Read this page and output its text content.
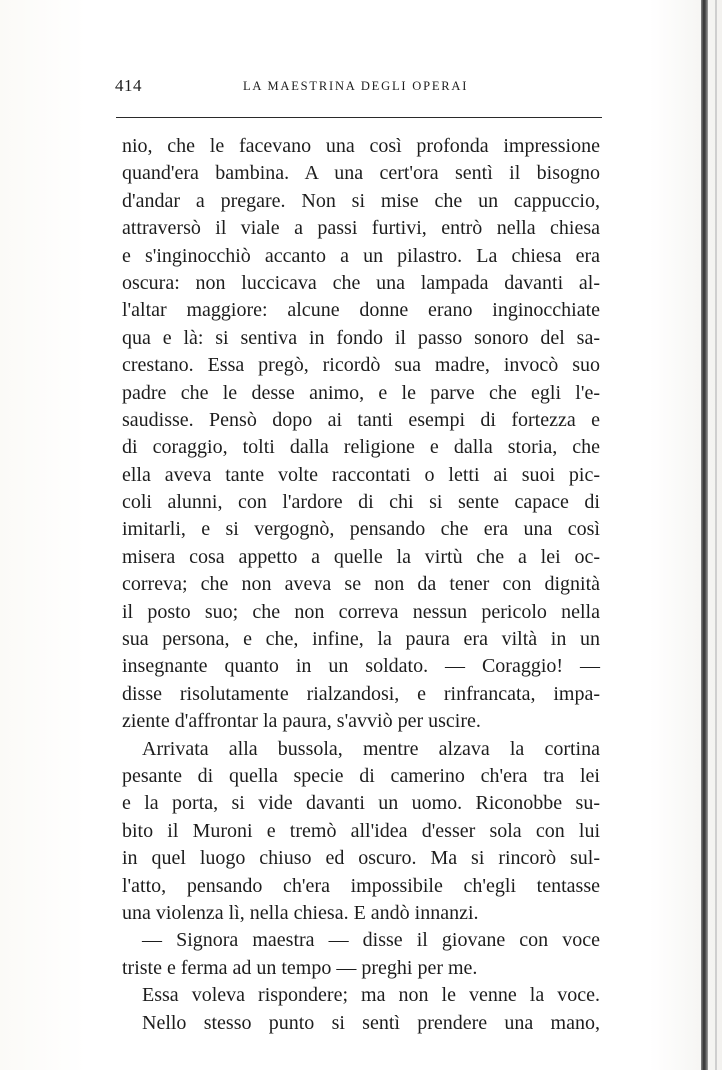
414	LA MAESTRINA DEGLI OPERAI
nio, che le facevano una così profonda impressione
quand'era bambina. A una cert'ora sentì il bisogno
d'andar a pregare. Non si mise che un cappuccio,
attraversò il viale a passi furtivi, entrò nella chiesa
e s'inginocchiò accanto a un pilastro. La chiesa era
oscura: non luccicava che una lampada davanti al-
l'altar maggiore: alcune donne erano inginocchiate
qua e là: si sentiva in fondo il passo sonoro del sa-
crestano. Essa pregò, ricordò sua madre, invocò suo
padre che le desse animo, e le parve che egli l'e-
saudisse. Pensò dopo ai tanti esempi di fortezza e
di coraggio, tolti dalla religione e dalla storia, che
ella aveva tante volte raccontati o letti ai suoi pic-
coli alunni, con l'ardore di chi si sente capace di
imitarli, e si vergognò, pensando che era una così
misera cosa appetto a quelle la virtù che a lei oc-
correva; che non aveva se non da tener con dignità
il posto suo; che non correva nessun pericolo nella
sua persona, e che, infine, la paura era viltà in un
insegnante quanto in un soldato. — Coraggio! —
disse risolutamente rialzandosi, e rinfrancata, impa-
ziente d'affrontar la paura, s'avviò per uscire.
Arrivata alla bussola, mentre alzava la cortina
pesante di quella specie di camerino ch'era tra lei
e la porta, si vide davanti un uomo. Riconobbe su-
bito il Muroni e tremò all'idea d'esser sola con lui
in quel luogo chiuso ed oscuro. Ma si rincorò sul-
l'atto, pensando ch'era impossibile ch'egli tentasse
una violenza lì, nella chiesa. E andò innanzi.
— Signora maestra — disse il giovane con voce
triste e ferma ad un tempo — preghi per me.
Essa voleva rispondere; ma non le venne la voce.
Nello stesso punto si sentì prendere una mano,
